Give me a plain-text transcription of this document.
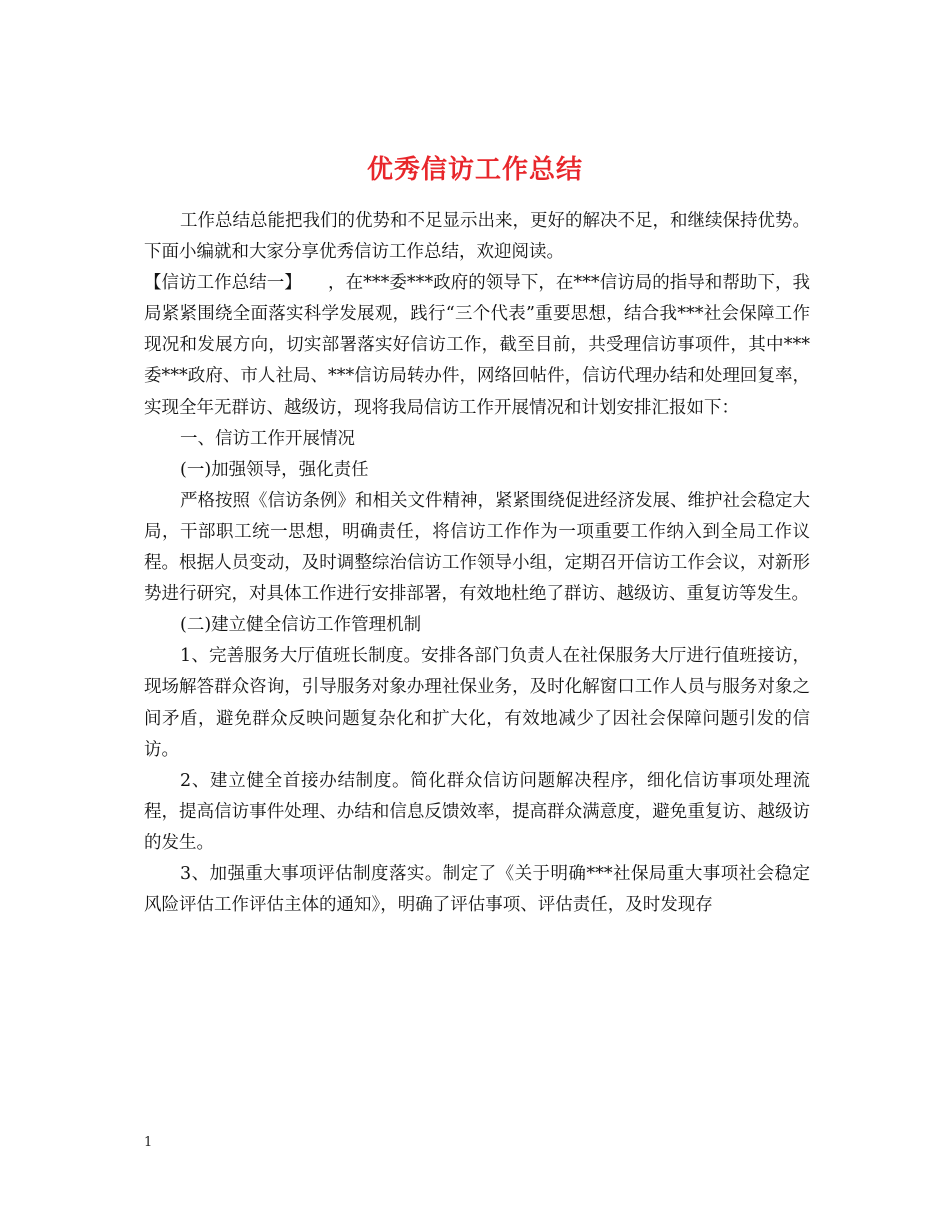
优秀信访工作总结

工作总结总能把我们的优势和不足显示出来，更好的解决不足，和继续保持优势。下面小编就和大家分享优秀信访工作总结，欢迎阅读。

【信访工作总结一】　　，在***委***政府的领导下，在***信访局的指导和帮助下，我局紧紧围绕全面落实科学发展观，践行“三个代表”重要思想，结合我***社会保障工作现况和发展方向，切实部署落实好信访工作，截至目前，共受理信访事项件，其中***委***政府、市人社局、***信访局转办件，网络回帖件，信访代理办结和处理回复率，实现全年无群访、越级访，现将我局信访工作开展情况和计划安排汇报如下：

一、信访工作开展情况

(一)加强领导，强化责任

严格按照《信访条例》和相关文件精神，紧紧围绕促进经济发展、维护社会稳定大局，干部职工统一思想，明确责任，将信访工作作为一项重要工作纳入到全局工作议程。根据人员变动，及时调整综治信访工作领导小组，定期召开信访工作会议，对新形势进行研究，对具体工作进行安排部署，有效地杜绝了群访、越级访、重复访等发生。

(二)建立健全信访工作管理机制

1、完善服务大厅值班长制度。安排各部门负责人在社保服务大厅进行值班接访，现场解答群众咨询，引导服务对象办理社保业务，及时化解窗口工作人员与服务对象之间矛盾，避免群众反映问题复杂化和扩大化，有效地减少了因社会保障问题引发的信访。

2、建立健全首接办结制度。简化群众信访问题解决程序，细化信访事项处理流程，提高信访事件处理、办结和信息反馈效率，提高群众满意度，避免重复访、越级访的发生。

3、加强重大事项评估制度落实。制定了《关于明确***社保局重大事项社会稳定风险评估工作评估主体的通知》，明确了评估事项、评估责任，及时发现存

1
